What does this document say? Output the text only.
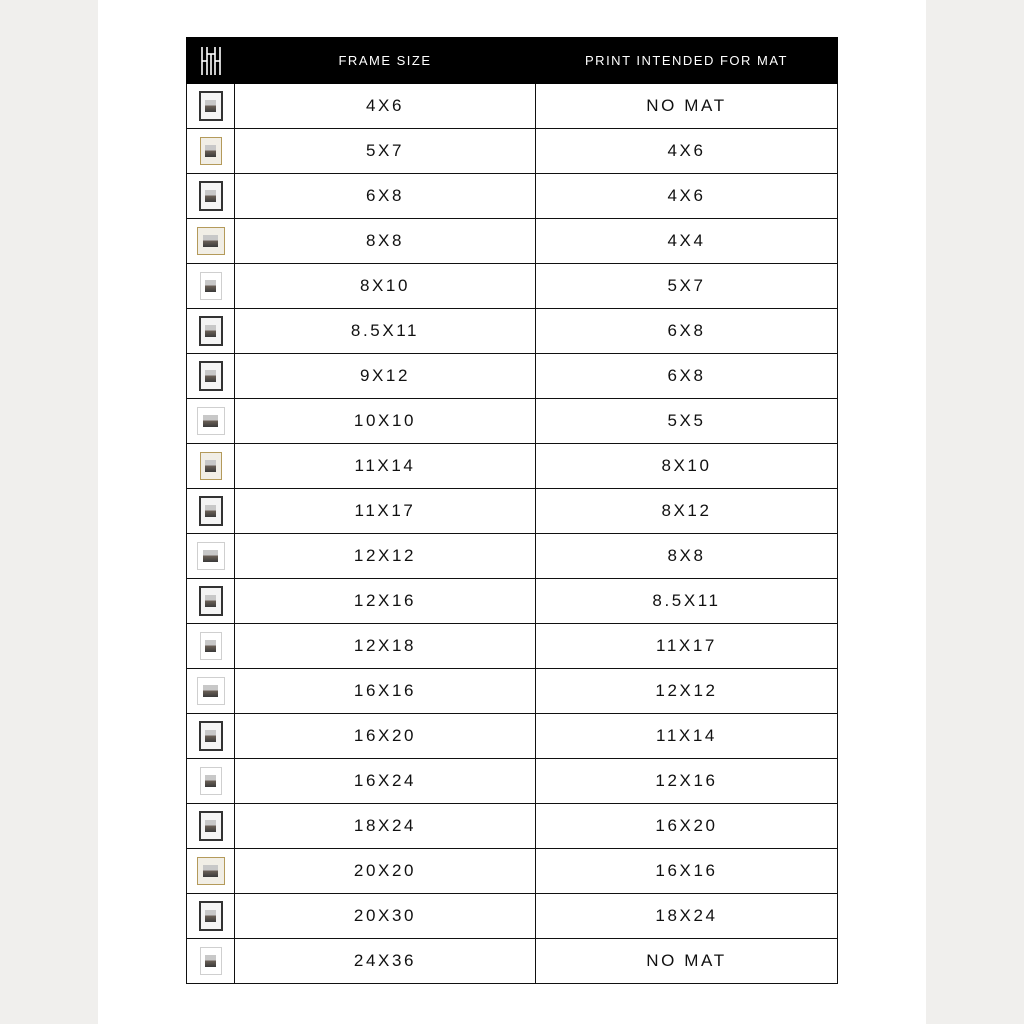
	FRAME SIZE	PRINT INTENDED FOR MAT

	4X6	NO MAT

	5X7	4X6

	6X8	4X6

	8X8	4X4

	8X10	5X7

	8.5X11	6X8

	9X12	6X8

	10X10	5X5

	11X14	8X10

	11X17	8X12

	12X12	8X8

	12X16	8.5X11

	12X18	11X17

	16X16	12X12

	16X20	11X14

	16X24	12X16

	18X24	16X20

	20X20	16X16

	20X30	18X24

	24X36	NO MAT
